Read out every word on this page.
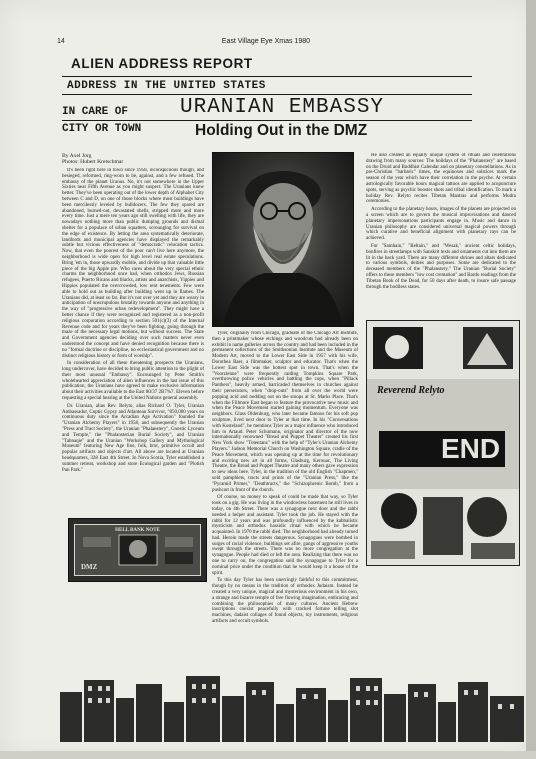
14	East Village Eye Xmas 1980
ALIEN ADDRESS REPORT
ADDRESS IN THE UNITED STATES
IN CARE OF URANIAN EMBASSY
CITY OR TOWN	Holding Out in the DMZ
By Axel Jorg
Photos: Hubert Kretschmar

It's been right here in town since 1958, inconspicuous though, and besieged, reformed, ring-worn to be, against, and a few refused. The embassy of the planet Uranus. No, it's not somewhere in the Upper Sixties near Fifth Avenue as you might suspect. The Uranians knew better. They've been operating out of the lower depth of Alphabet City between C and D, on one of those blocks where most buildings have been mercilessly leveled by bulldozers. The few they spared are abandoned, burned-out, devastated shells, stripped more and more every time. Just a mere ten years ago still swelling with life, they are nowadays nothing more than public dumping grounds and dismal shelter for a populace of urban squatters, scrounging for survival on the edge of existence. By letting the area systematically deteriorate, landlords and municipal agencies have displayed the remarkably subtle but vicious effectiveness of "democratic" relocation tactics. Now, that even the poorest of the poor can't live here anymore, the neighborhood is wide open for high level real estate speculations. Bring 'em in, those upwardly mobile, and divide up that valuable little piece of the big Apple pie. Who cares about the very special ethnic charms the neighborhood once had, when orthodox Jews, Russian refugees, Puerto Ricans and blacks, artists and anarchists, Yippies and Hippies populated the overcrowded, low rent tenements. Few were able to hold out as building after building went up in flames. The Uranians did, at least so far. But it's not over yet and they are weary in anticipation of unscrupulous brutality towards anyone and anything in the way of "progressive urban redevelopment". They might have a better chance if they were recognized and registered as a non-profit religious corporation according to section 501(c)(3) of the Internal Revenue code and for years they've been fighting, going through the maze of the necessary legal motions, but without success. The State and Government agencies deciding over such matters never even understood the concept and have denied recognition because there is no "formal doctrine or discipline, no ecclesiastical government and no distinct religious history or form of worship".

In consideration of all these threatening prospects the Uranians, long undercover, have decided to bring public attention to the plight of their most unusual "Embassy". Encouraged by Peter Smith's wholehearted appreciation of alien influences in the last issue of this publication, the Uranians have agreed to make exclusive information about their activities available to the East 80/37 2B7%7. Eleven before requesting a special hearing at the United Nations general assembly.

Dr. Uranian, alias Rev. Relyto, alias Richard O. Tyler, Uranian Ambassador, Coptic Gypsy and Atlantean Survivor, "850,000 years on continuous duty since the Arcadian Age Activation" founded the "Uranian Alchemy Players" in 1958, and subsequently the Uranian "Press and Tract Society", the Uranian "Phalanstery", Gnostic Lyceum and Temple," the "Phalansterian Burial Society", and Uranian "Tabnaqie" and the Uranian "Workshop Gallery and Mythological Museum" featuring New Age fine, folk, brut, primitive occult and popular artifacts and objects d'art. All above are located at Uranian headquarters, 328 East 4th Street. In Nova Scotia, Tyler established a summer retreat, workshop and store Ecological garden and "Plotish Pan Park."

Tyler, originally from Chicago, graduate of the Chicago Art Institute, then a printmaker whose etchings and woodcuts had already been on exhibit in name galleries across the country and had been included in the permanent collections of the Smithsonian Institute and the Museum of Modern Art, moved to the Lower East Side in 1957 with his wife, Dorothea Baer, a filmmaker, sculptor and educator. That's when the Lower East Side was the hottest spot in town. That's when the "Voorzienne" were frequently raiding Tompkins Square Park, overthrowing police vehicles and battling the cops, when "Pillack Panthers", heavily armed, barricaded themselves in churches against their persecutors, when "drop-outs" from all over the world were popping acid and nodding out on the stoops at St. Marks Place. That's when the Fillmore East began to feature the provocative new music and when the Peace Movement started gaining momentum. Everyone was neighbors. Glass Oldenburg, who later became famous for his soft pop sculpture, lived next door to Tyler at that time. In his "Conversations with Kosteland", he mentions Tyler as a major influence who introduced him to Artaud. Peter Schumann, originator and director of the now internationally renowned "Bread and Puppet Theater" created his first New York show "Totentanz" with the help of "Tyler's Uranian Alchemy Players." Judson Memorial Church on Washington Square, cradle of the Peace Movement, which was opening up at the time for revolutionary and exciting new art in all forms, Glasburg, Kerouac, The Living Theatre, the Bread and Puppet Theatre and many others gave expression to new ideas here. Tyler, in the tradition of the old English "Chapmen," sold pamphlets, tracts and prints of the "Uranian Press," like the "Pyramid Primer," "Deathtracts," the "Schizophrenic Bomb," from a pushcart in front of the church.

Of course, no money to speak of could be made that way, so Tyler took on a gig. He was living in the windowless basement he still lives in today, on 4th Street. There was a synagogue next door and the rabbi needed a helper and assistant. Tyler took the job. He stayed with the rabbi for 12 years and was profoundly influenced by the kabbalistic mysticism and orthodox hassidic ritual with which he became acquainted. In 1970 the rabbi died. The neighborhood had already turned bad. Heroin made the streets dangerous. Synagogues were bombed in surges of racial violence, buildings set afire, gangs of aggressive youths swept through the streets. There was no more congregation at the synagogue. People had died or left the area. Realizing that there was no one to carry on, the congregation sold the synagogue to Tyler for a nominal price under the condition that he would keep it a house of the spirit.

To this day Tyler has been unerringly faithful to this commitment, though by no means in the tradition of orthodox Judaism. Instead he created a very unique, magical and mysterious environment in his own, a strange and bizarre temple of free flowing imagination, embracing and combining the philosophies of many cultures. Ancient Hebrew inscriptions coexist peacefully with cracked fortune telling slot machines, dadaist collages of found objects, toy instruments, religious artifacts and occult symbols.

He also created an equally unique system of rituals and celebrations drawing from many sources: The holidays of the "Phalanstery" are based on the Druid and Buddhist Calendar and on planetary constellations. As in pre-Christian "barbaric" times, the equinoxes and solstices mark the season of the year which have their correlation in the psyche. At certain astrologically favorable hours magical tattoos are applied to acupuncture spots, serving as psychic booster shots and tribal identification. To mark a holiday Rev. Relyto recites Tibetan Mantras and performs Mudra ceremonies.

According to the planetary hours, images of the planets are projected on a screen which are to govern the musical improvisations and danced planetary impersonations participants engage in. Music and dance in Uranian philosophy are considered universal magical powers through which curative and beneficial alignment with planetary rays can be achieved.

For "Samhain," "Beltain," and "Wesak," ancient celtic holidays, bonfires in streetlamps with Sanskrit texts and ornaments cut into them are lit in the back yard. There are many different shrines and altars dedicated to various symbols, deities and purposes. Some are dedicated to the deceased members of the "Phalanstery." The Uranian "Burial Society" offers to these members "low cost cremation" and Bardo readings from the Tibetan Book of the Dead, for 50 days after death, to insure safe passage through the bodiless states.

HELL BANK NOTE
DMZ
Reverend Relyto
END
